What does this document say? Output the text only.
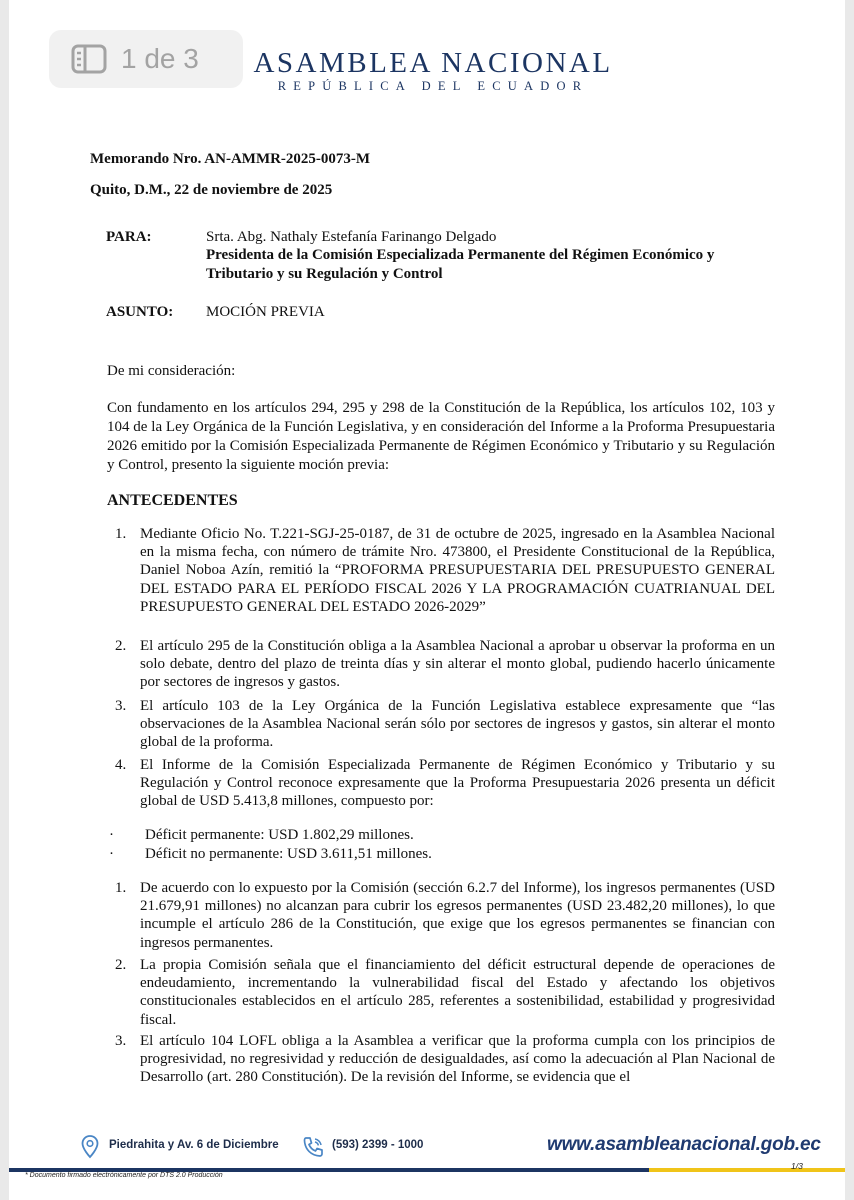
1 de 3 ASAMBLEA NACIONAL
REPÚBLICA DEL ECUADOR
Memorando Nro. AN-AMMR-2025-0073-M
Quito, D.M., 22 de noviembre de 2025
PARA:	Srta. Abg. Nathaly Estefanía Farinango Delgado
Presidenta de la Comisión Especializada Permanente del Régimen Económico y Tributario y su Regulación y Control
ASUNTO: MOCIÓN PREVIA
De mi consideración:
Con fundamento en los artículos 294, 295 y 298 de la Constitución de la República, los artículos 102, 103 y 104 de la Ley Orgánica de la Función Legislativa, y en consideración del Informe a la Proforma Presupuestaria 2026 emitido por la Comisión Especializada Permanente de Régimen Económico y Tributario y su Regulación y Control, presento la siguiente moción previa:
ANTECEDENTES
1. Mediante Oficio No. T.221-SGJ-25-0187, de 31 de octubre de 2025, ingresado en la Asamblea Nacional en la misma fecha, con número de trámite Nro. 473800, el Presidente Constitucional de la República, Daniel Noboa Azín, remitió la “PROFORMA PRESUPUESTARIA DEL PRESUPUESTO GENERAL DEL ESTADO PARA EL PERÍODO FISCAL 2026 Y LA PROGRAMACIÓN CUATRIANUAL DEL PRESUPUESTO GENERAL DEL ESTADO 2026-2029”
2. El artículo 295 de la Constitución obliga a la Asamblea Nacional a aprobar u observar la proforma en un solo debate, dentro del plazo de treinta días y sin alterar el monto global, pudiendo hacerlo únicamente por sectores de ingresos y gastos.
3. El artículo 103 de la Ley Orgánica de la Función Legislativa establece expresamente que “las observaciones de la Asamblea Nacional serán sólo por sectores de ingresos y gastos, sin alterar el monto global de la proforma.
4. El Informe de la Comisión Especializada Permanente de Régimen Económico y Tributario y su Regulación y Control reconoce expresamente que la Proforma Presupuestaria 2026 presenta un déficit global de USD 5.413,8 millones, compuesto por:
· Déficit permanente: USD 1.802,29 millones.
· Déficit no permanente: USD 3.611,51 millones.
1. De acuerdo con lo expuesto por la Comisión (sección 6.2.7 del Informe), los ingresos permanentes (USD 21.679,91 millones) no alcanzan para cubrir los egresos permanentes (USD 23.482,20 millones), lo que incumple el artículo 286 de la Constitución, que exige que los egresos permanentes se financian con ingresos permanentes.
2. La propia Comisión señala que el financiamiento del déficit estructural depende de operaciones de endeudamiento, incrementando la vulnerabilidad fiscal del Estado y afectando los objetivos constitucionales establecidos en el artículo 285, referentes a sostenibilidad, estabilidad y progresividad fiscal.
3. El artículo 104 LOFL obliga a la Asamblea a verificar que la proforma cumpla con los principios de progresividad, no regresividad y reducción de desigualdades, así como la adecuación al Plan Nacional de Desarrollo (art. 280 Constitución). De la revisión del Informe, se evidencia que el
Piedrahita y Av. 6 de Diciembre	(593) 2399 - 1000	www.asambleanacional.gob.ec
* Documento firmado electrónicamente por DTS 2.0 Producción
1/3
